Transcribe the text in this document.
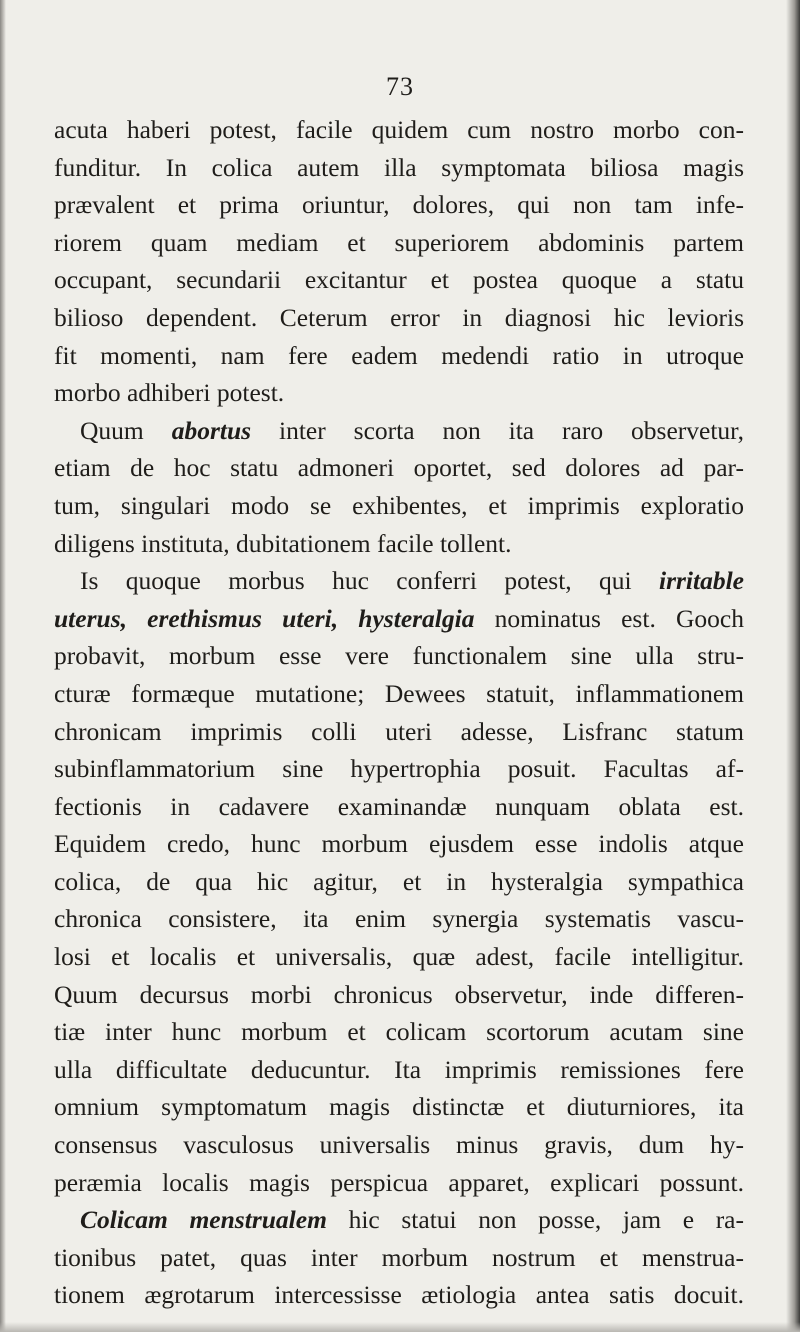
73
acuta haberi potest, facile quidem cum nostro morbo con-
funditur. In colica autem illa symptomata biliosa magis
prævalent et prima oriuntur, dolores, qui non tam infe-
riorem quam mediam et superiorem abdominis partem
occupant, secundarii excitantur et postea quoque a statu
bilioso dependent. Ceterum error in diagnosi hic levioris
fit momenti, nam fere eadem medendi ratio in utroque
morbo adhiberi potest.
Quum abortus inter scorta non ita raro observetur,
etiam de hoc statu admoneri oportet, sed dolores ad par-
tum, singulari modo se exhibentes, et imprimis exploratio
diligens instituta, dubitationem facile tollent.
Is quoque morbus huc conferri potest, qui irritable
uterus, erethismus uteri, hysteralgia nominatus est. Gooch
probavit, morbum esse vere functionalem sine ulla stru-
cturæ formæque mutatione; Dewees statuit, inflammationem
chronicam imprimis colli uteri adesse, Lisfranc statum
subinflammatorium sine hypertrophia posuit. Facultas af-
fectionis in cadavere examinandæ nunquam oblata est.
Equidem credo, hunc morbum ejusdem esse indolis atque
colica, de qua hic agitur, et in hysteralgia sympathica
chronica consistere, ita enim synergia systematis vascu-
losi et localis et universalis, quæ adest, facile intelligitur.
Quum decursus morbi chronicus observetur, inde differen-
tiæ inter hunc morbum et colicam scortorum acutam sine
ulla difficultate deducuntur. Ita imprimis remissiones fere
omnium symptomatum magis distinctæ et diuturniores, ita
consensus vasculosus universalis minus gravis, dum hy-
peræmia localis magis perspicua apparet, explicari possunt.
Colicam menstrualem hic statui non posse, jam e ra-
tionibus patet, quas inter morbum nostrum et menstrua-
tionem ægrotarum intercessisse ætiologia antea satis docuit.
